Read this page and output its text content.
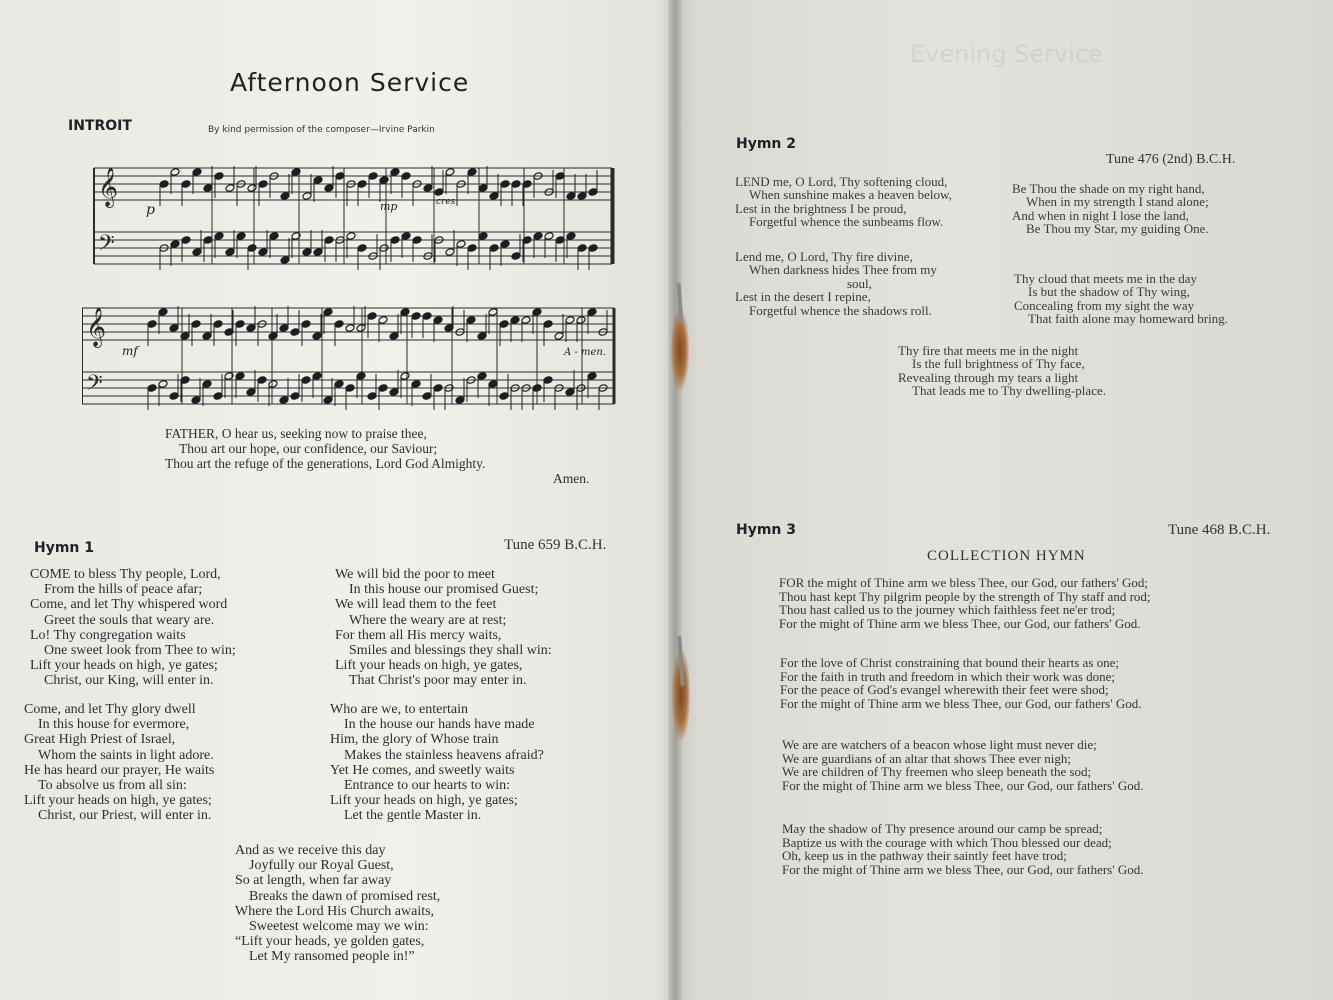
Evening Service
Afternoon Service
INTROIT	By kind permission of the composer—Irvine Parkin
𝄞
𝄢
𝄞
𝄢
p	mp	cres
mf	A - men.
FATHER, O hear us, seeking now to praise thee,
Thou art our hope, our confidence, our Saviour;
Thou art the refuge of the generations, Lord God Almighty.
Amen.
Hymn 1	Tune 659 B.C.H.
COME to bless Thy people, Lord,
From the hills of peace afar;
Come, and let Thy whispered word
Greet the souls that weary are.
Lo! Thy congregation waits
One sweet look from Thee to win;
Lift your heads on high, ye gates;
Christ, our King, will enter in.
Come, and let Thy glory dwell
In this house for evermore,
Great High Priest of Israel,
Whom the saints in light adore.
He has heard our prayer, He waits
To absolve us from all sin:
Lift your heads on high, ye gates;
Christ, our Priest, will enter in.
We will bid the poor to meet
In this house our promised Guest;
We will lead them to the feet
Where the weary are at rest;
For them all His mercy waits,
Smiles and blessings they shall win:
Lift your heads on high, ye gates,
That Christ's poor may enter in.
Who are we, to entertain
In the house our hands have made
Him, the glory of Whose train
Makes the stainless heavens afraid?
Yet He comes, and sweetly waits
Entrance to our hearts to win:
Lift your heads on high, ye gates;
Let the gentle Master in.
And as we receive this day
Joyfully our Royal Guest,
So at length, when far away
Breaks the dawn of promised rest,
Where the Lord His Church awaits,
Sweetest welcome may we win:
“Lift your heads, ye golden gates,
Let My ransomed people in!”
Hymn 2
Tune 476 (2nd) B.C.H.
LEND me, O Lord, Thy softening cloud,
When sunshine makes a heaven below,
Lest in the brightness I be proud,
Forgetful whence the sunbeams flow.
Lend me, O Lord, Thy fire divine,
When darkness hides Thee from my
soul,
Lest in the desert I repine,
Forgetful whence the shadows roll.
Be Thou the shade on my right hand,
When in my strength I stand alone;
And when in night I lose the land,
Be Thou my Star, my guiding One.
Thy cloud that meets me in the day
Is but the shadow of Thy wing,
Concealing from my sight the way
That faith alone may homeward bring.
Thy fire that meets me in the night
Is the full brightness of Thy face,
Revealing through my tears a light
That leads me to Thy dwelling-place.
Hymn 3	Tune 468 B.C.H.
COLLECTION HYMN
FOR the might of Thine arm we bless Thee, our God, our fathers' God;
Thou hast kept Thy pilgrim people by the strength of Thy staff and rod;
Thou hast called us to the journey which faithless feet ne'er trod;
For the might of Thine arm we bless Thee, our God, our fathers' God.
For the love of Christ constraining that bound their hearts as one;
For the faith in truth and freedom in which their work was done;
For the peace of God's evangel wherewith their feet were shod;
For the might of Thine arm we bless Thee, our God, our fathers' God.
We are are watchers of a beacon whose light must never die;
We are guardians of an altar that shows Thee ever nigh;
We are children of Thy freemen who sleep beneath the sod;
For the might of Thine arm we bless Thee, our God, our fathers' God.
May the shadow of Thy presence around our camp be spread;
Baptize us with the courage with which Thou blessed our dead;
Oh, keep us in the pathway their saintly feet have trod;
For the might of Thine arm we bless Thee, our God, our fathers' God.
